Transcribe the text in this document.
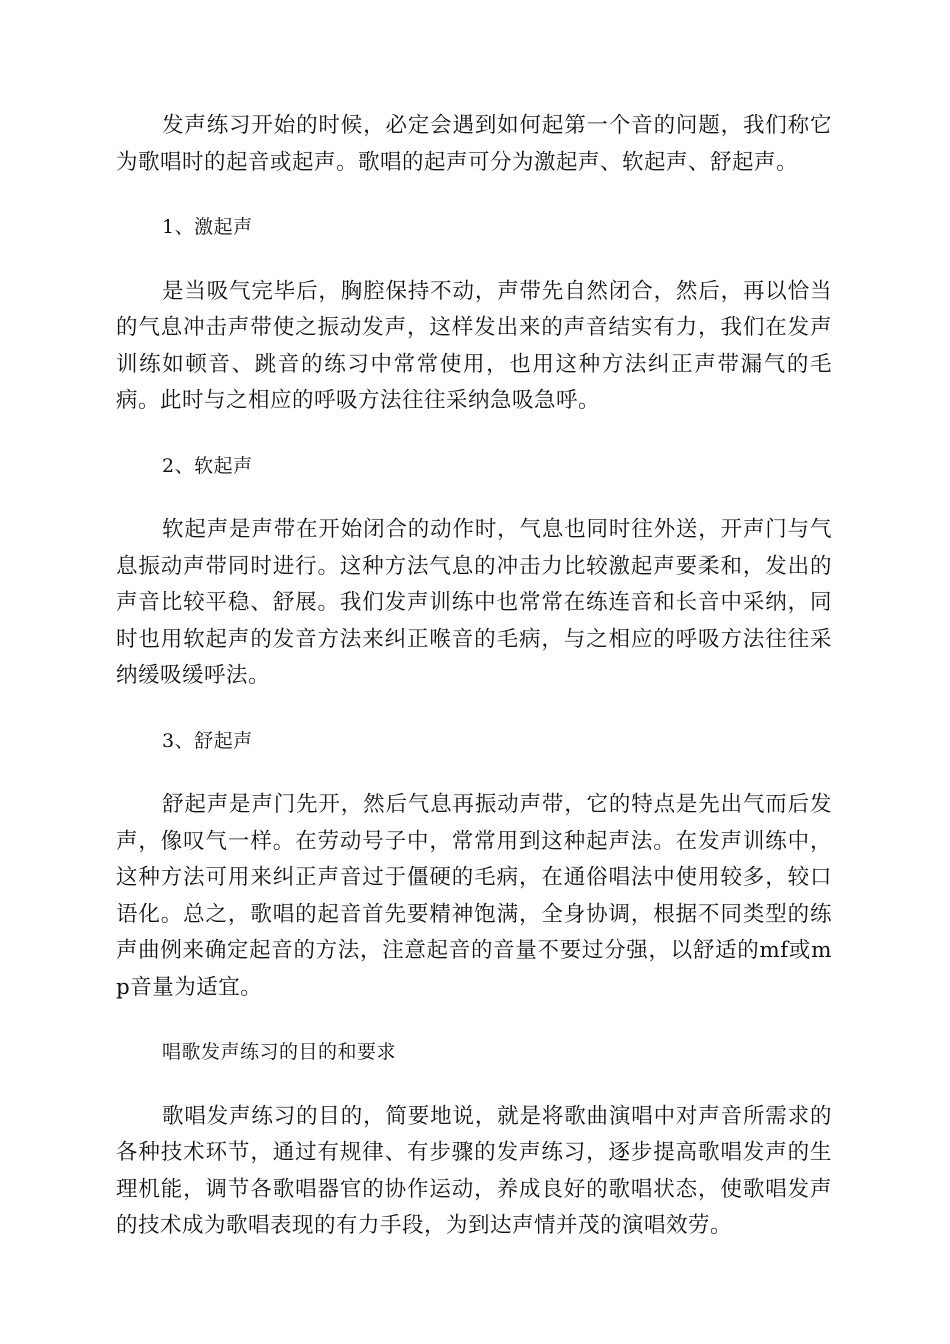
发声练习开始的时候，必定会遇到如何起第一个音的问题，我们称它为歌唱时的起音或起声。歌唱的起声可分为激起声、软起声、舒起声。

1、激起声

是当吸气完毕后，胸腔保持不动，声带先自然闭合，然后，再以恰当的气息冲击声带使之振动发声，这样发出来的声音结实有力，我们在发声训练如顿音、跳音的练习中常常使用，也用这种方法纠正声带漏气的毛病。此时与之相应的呼吸方法往往采纳急吸急呼。

2、软起声

软起声是声带在开始闭合的动作时，气息也同时往外送，开声门与气息振动声带同时进行。这种方法气息的冲击力比较激起声要柔和，发出的声音比较平稳、舒展。我们发声训练中也常常在练连音和长音中采纳，同时也用软起声的发音方法来纠正喉音的毛病，与之相应的呼吸方法往往采纳缓吸缓呼法。

3、舒起声

舒起声是声门先开，然后气息再振动声带，它的特点是先出气而后发声，像叹气一样。在劳动号子中，常常用到这种起声法。在发声训练中，这种方法可用来纠正声音过于僵硬的毛病，在通俗唱法中使用较多，较口语化。总之，歌唱的起音首先要精神饱满，全身协调，根据不同类型的练声曲例来确定起音的方法，注意起音的音量不要过分强，以舒适的mf或mp音量为适宜。

唱歌发声练习的目的和要求

歌唱发声练习的目的，简要地说，就是将歌曲演唱中对声音所需求的各种技术环节，通过有规律、有步骤的发声练习，逐步提高歌唱发声的生理机能，调节各歌唱器官的协作运动，养成良好的歌唱状态，使歌唱发声的技术成为歌唱表现的有力手段，为到达声情并茂的演唱效劳。
